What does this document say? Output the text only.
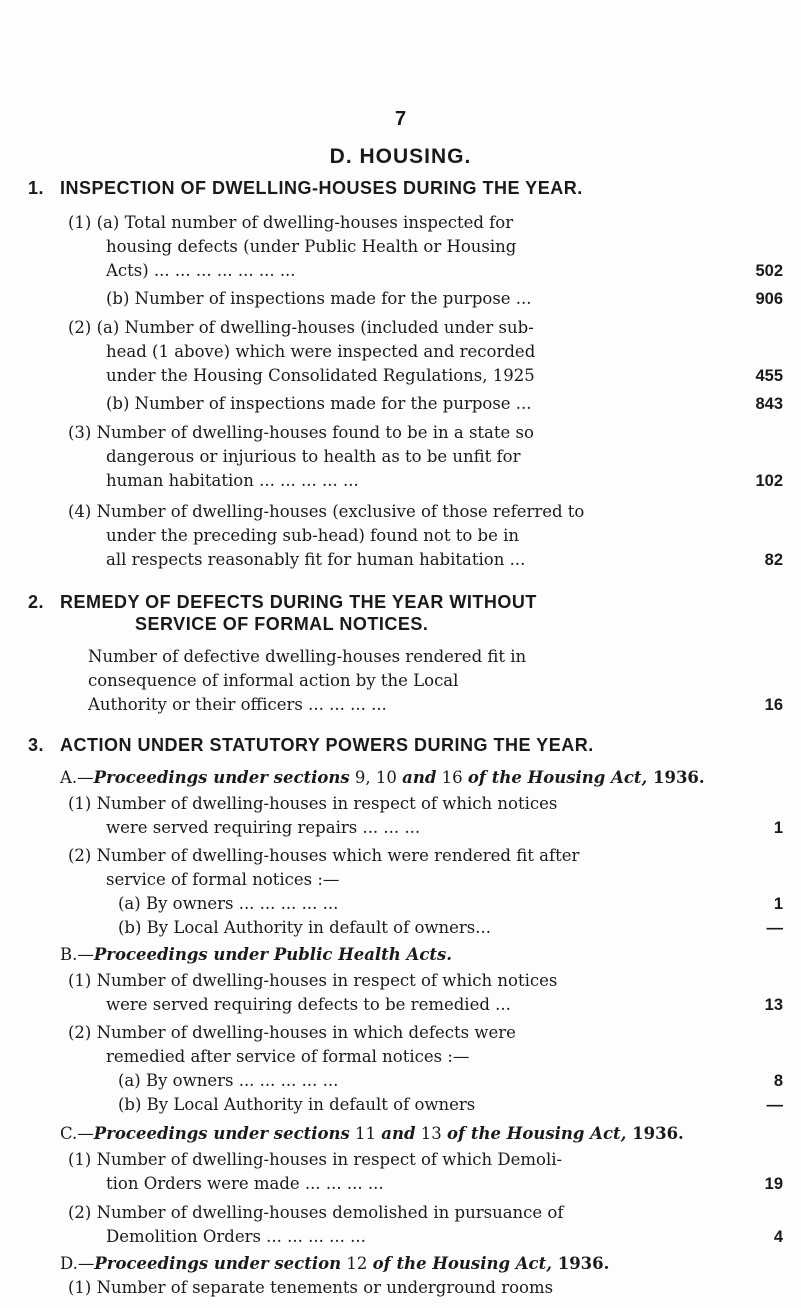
7
D. HOUSING.
1. INSPECTION OF DWELLING-HOUSES DURING THE YEAR.
(1) (a) Total number of dwelling-houses inspected for
housing defects (under Public Health or Housing
Acts) ... ... ... ... ... ... ...	502
(b) Number of inspections made for the purpose ...	906
(2) (a) Number of dwelling-houses (included under sub-
head (1 above) which were inspected and recorded
under the Housing Consolidated Regulations, 1925	455
(b) Number of inspections made for the purpose ...	843
(3) Number of dwelling-houses found to be in a state so
dangerous or injurious to health as to be unfit for
human habitation ... ... ... ... ...	102
(4) Number of dwelling-houses (exclusive of those referred to
under the preceding sub-head) found not to be in
all respects reasonably fit for human habitation ...	82
2. REMEDY OF DEFECTS DURING THE YEAR WITHOUT
SERVICE OF FORMAL NOTICES.
Number of defective dwelling-houses rendered fit in
consequence of informal action by the Local
Authority or their officers ... ... ... ...	16
3. ACTION UNDER STATUTORY POWERS DURING THE YEAR.
A.—Proceedings under sections 9, 10 and 16 of the Housing Act, 1936.
(1) Number of dwelling-houses in respect of which notices
were served requiring repairs ... ... ...	1
(2) Number of dwelling-houses which were rendered fit after
service of formal notices :—
(a) By owners ... ... ... ... ...	1
(b) By Local Authority in default of owners...	—
B.—Proceedings under Public Health Acts.
(1) Number of dwelling-houses in respect of which notices
were served requiring defects to be remedied ...	13
(2) Number of dwelling-houses in which defects were
remedied after service of formal notices :—
(a) By owners ... ... ... ... ...	8
(b) By Local Authority in default of owners	—
C.—Proceedings under sections 11 and 13 of the Housing Act, 1936.
(1) Number of dwelling-houses in respect of which Demoli-
tion Orders were made ... ... ... ...	19
(2) Number of dwelling-houses demolished in pursuance of
Demolition Orders ... ... ... ... ...	4
D.—Proceedings under section 12 of the Housing Act, 1936.
(1) Number of separate tenements or underground rooms
